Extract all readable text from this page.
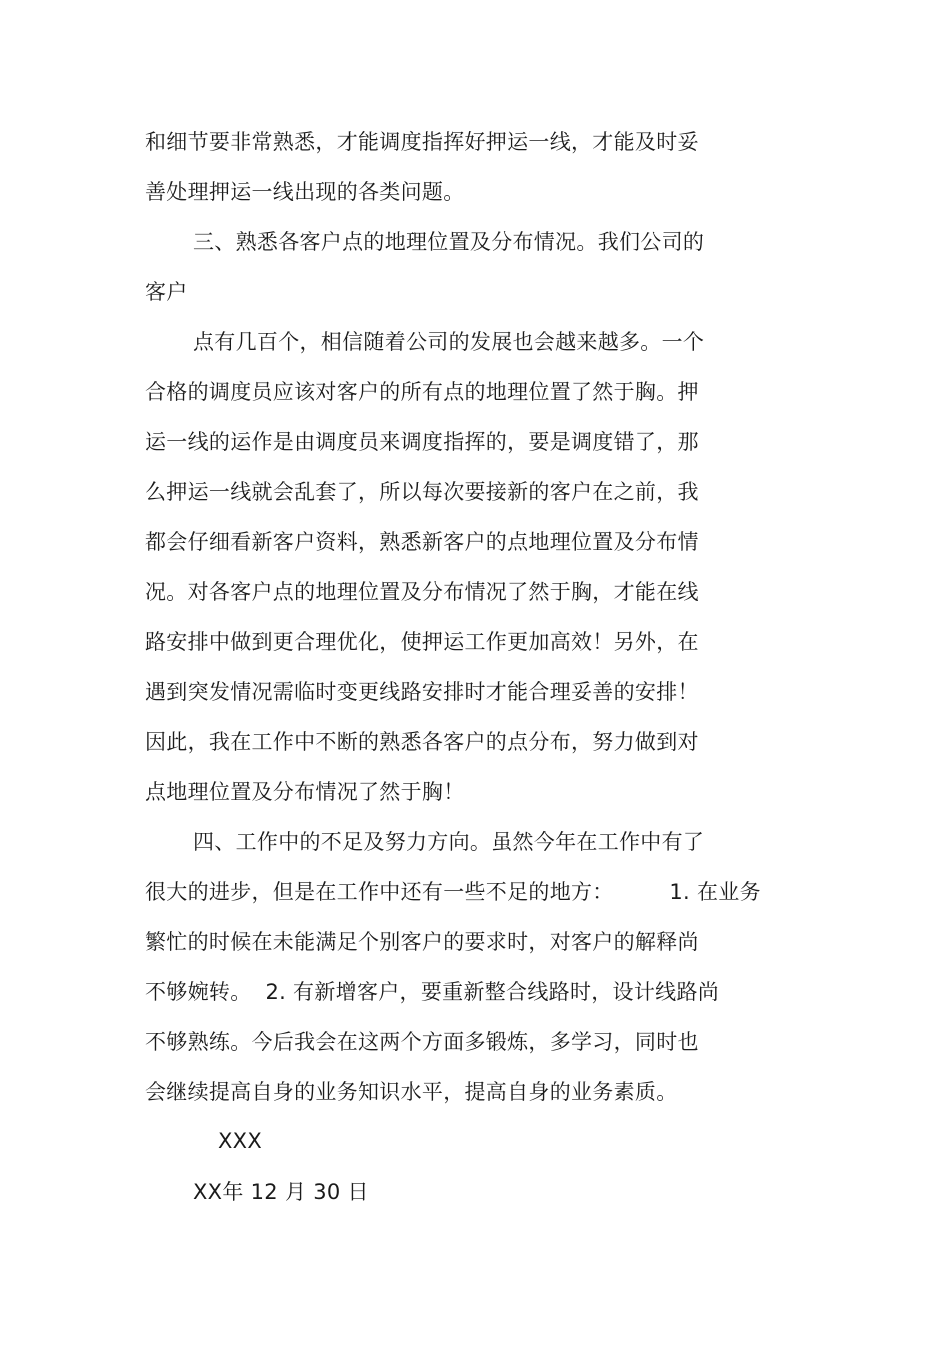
和细节要非常熟悉，才能调度指挥好押运一线，才能及时妥
善处理押运一线出现的各类问题。
三、熟悉各客户点的地理位置及分布情况。我们公司的
客户
点有几百个，相信随着公司的发展也会越来越多。一个
合格的调度员应该对客户的所有点的地理位置了然于胸。押
运一线的运作是由调度员来调度指挥的，要是调度错了，那
么押运一线就会乱套了，所以每次要接新的客户在之前，我
都会仔细看新客户资料，熟悉新客户的点地理位置及分布情
况。对各客户点的地理位置及分布情况了然于胸，才能在线
路安排中做到更合理优化，使押运工作更加高效！另外，在
遇到突发情况需临时变更线路安排时才能合理妥善的安排！
因此，我在工作中不断的熟悉各客户的点分布，努力做到对
点地理位置及分布情况了然于胸！
四、工作中的不足及努力方向。虽然今年在工作中有了
很大的进步，但是在工作中还有一些不足的地方：        1. 在业务
繁忙的时候在未能满足个别客户的要求时，对客户的解释尚
不够婉转。  2. 有新增客户，要重新整合线路时，设计线路尚
不够熟练。今后我会在这两个方面多锻炼，多学习，同时也
会继续提高自身的业务知识水平，提高自身的业务素质。
XXX
XX年 12 月 30 日
